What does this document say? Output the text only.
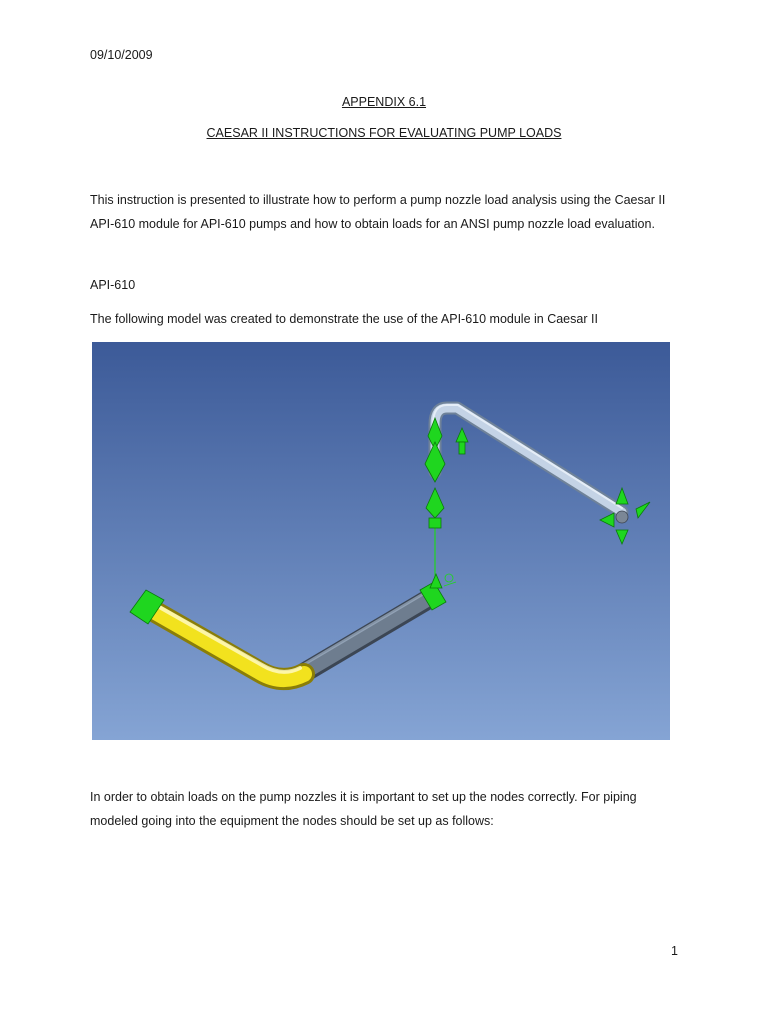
09/10/2009
APPENDIX 6.1
CAESAR II INSTRUCTIONS FOR EVALUATING PUMP LOADS
This instruction is presented to illustrate how to perform a pump nozzle load analysis using the Caesar II
API-610 module for API-610 pumps and how to obtain loads for an ANSI pump nozzle load evaluation.
API-610
The following model was created to demonstrate the use of the API-610 module in Caesar II
In order to obtain loads on the pump nozzles it is important to set up the nodes correctly. For piping
modeled going into the equipment the nodes should be set up as follows:
1
